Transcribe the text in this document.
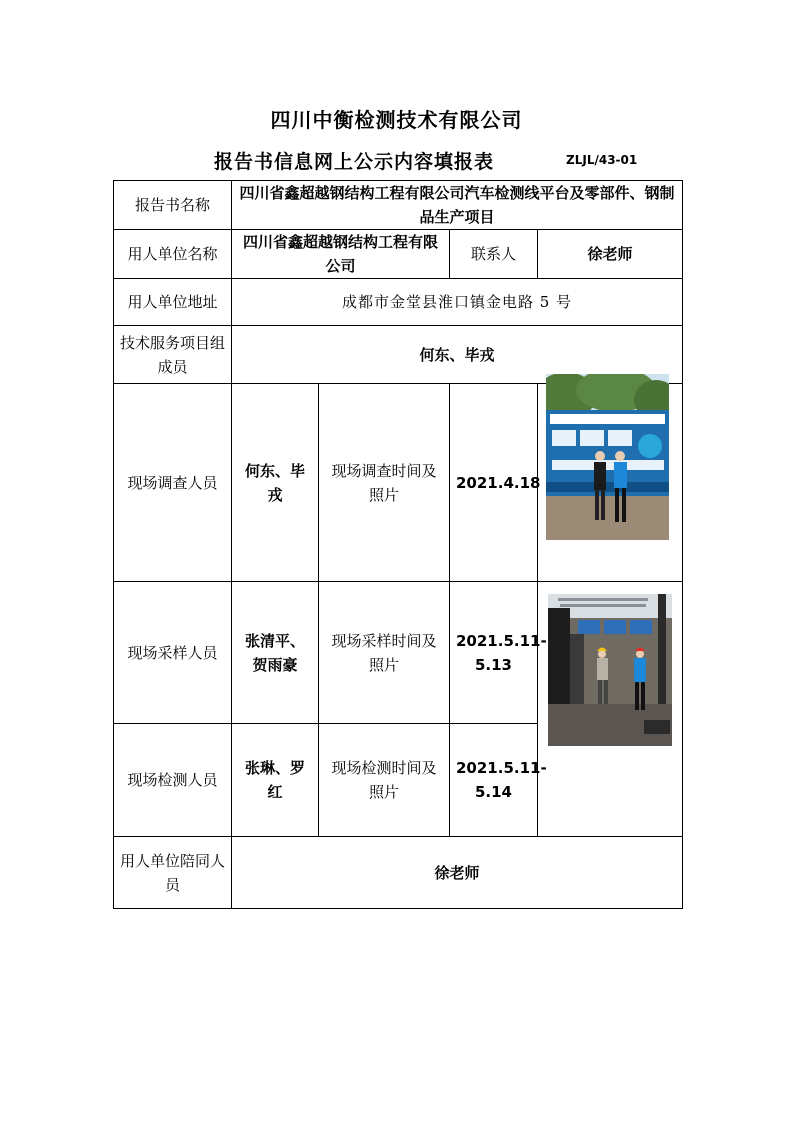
四川中衡检测技术有限公司
报告书信息网上公示内容填报表	ZLJL/43-01
报告书名称	四川省鑫超越钢结构工程有限公司汽车检测线平台及零部件、钢制品生产项目			
用人单位名称	四川省鑫超越钢结构工程有限公司		联系人	徐老师
用人单位地址	成都市金堂县淮口镇金电路 5 号			
技术服务项目组成员	何东、毕戎			
现场调查人员	何东、毕戎	现场调查时间及照片	2021.4.18	

现场采样人员	张清平、贺雨豪	现场采样时间及照片	2021.5.11-5.13	

现场检测人员	张琳、罗红	现场检测时间及照片	2021.5.11-5.14	
用人单位陪同人员	徐老师			
